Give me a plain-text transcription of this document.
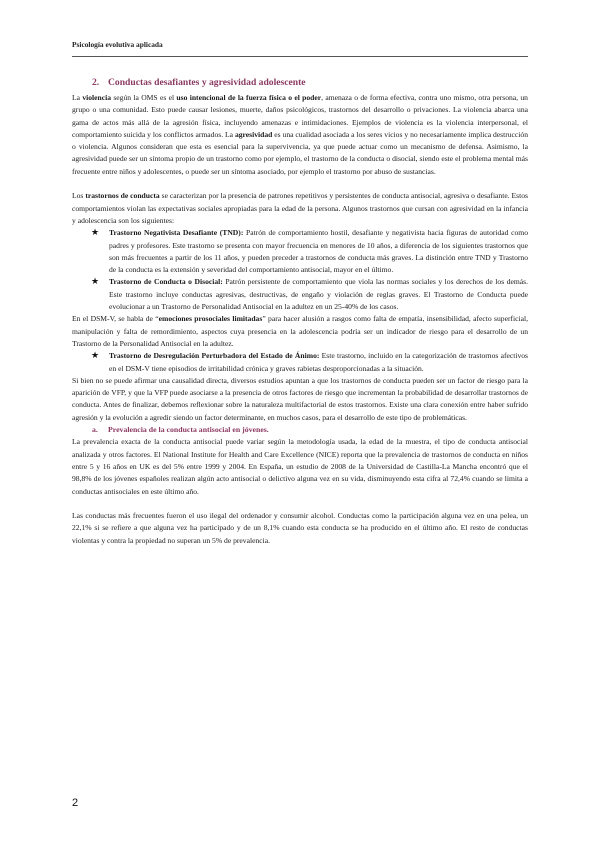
Psicología evolutiva aplicada
2. Conductas desafiantes y agresividad adolescente

La violencia según la OMS es el uso intencional de la fuerza física o el poder, amenaza o de forma efectiva, contra uno mismo, otra persona, un grupo o una comunidad. Esto puede causar lesiones, muerte, daños psicológicos, trastornos del desarrollo o privaciones. La violencia abarca una gama de actos más allá de la agresión física, incluyendo amenazas e intimidaciones. Ejemplos de violencia es la violencia interpersonal, el comportamiento suicida y los conflictos armados. La agresividad es una cualidad asociada a los seres vicios y no necesariamente implica destrucción o violencia. Algunos consideran que esta es esencial para la supervivencia, ya que puede actuar como un mecanismo de defensa. Asimismo, la agresividad puede ser un síntoma propio de un trastorno como por ejemplo, el trastorno de la conducta o disocial, siendo este el problema mental más frecuente entre niños y adolescentes, o puede ser un síntoma asociado, por ejemplo el trastorno por abuso de sustancias.

Los trastornos de conducta se caracterizan por la presencia de patrones repetitivos y persistentes de conducta antisocial, agresiva o desafiante. Estos comportamientos violan las expectativas sociales apropiadas para la edad de la persona. Algunos trastornos que cursan con agresividad en la infancia y adolescencia son los siguientes:

★ Trastorno Negativista Desafiante (TND): Patrón de comportamiento hostil, desafiante y negativista hacia figuras de autoridad como padres y profesores. Este trastorno se presenta con mayor frecuencia en menores de 10 años, a diferencia de los siguientes trastornos que son más frecuentes a partir de los 11 años, y pueden preceder a trastornos de conducta más graves. La distinción entre TND y Trastorno de la conducta es la extensión y severidad del comportamiento antisocial, mayor en el último.
★ Trastorno de Conducta o Disocial: Patrón persistente de comportamiento que viola las normas sociales y los derechos de los demás. Este trastorno incluye conductas agresivas, destructivas, de engaño y violación de reglas graves. El Trastorno de Conducta puede evolucionar a un Trastorno de Personalidad Antisocial en la adultez en un 25-40% de los casos.

En el DSM-V, se habla de “emociones prosociales limitadas” para hacer alusión a rasgos como falta de empatía, insensibilidad, afecto superficial, manipulación y falta de remordimiento, aspectos cuya presencia en la adolescencia podría ser un indicador de riesgo para el desarrollo de un Trastorno de la Personalidad Antisocial en la adultez.

★ Trastorno de Desregulación Perturbadora del Estado de Ánimo: Este trastorno, incluido en la categorización de trastornos afectivos en el DSM-V tiene episodios de irritabilidad crónica y graves rabietas desproporcionadas a la situación.

Si bien no se puede afirmar una causalidad directa, diversos estudios apuntan a que los trastornos de conducta pueden ser un factor de riesgo para la aparición de VFP, y que la VFP puede asociarse a la presencia de otros factores de riesgo que incrementan la probabilidad de desarrollar trastornos de conducta. Antes de finalizar, debemos reflexionar sobre la naturaleza multifactorial de estos trastornos. Existe una clara conexión entre haber sufrido agresión y la evolución a agredir siendo un factor determinante, en muchos casos, para el desarrollo de este tipo de problemáticas.

a. Prevalencia de la conducta antisocial en jóvenes.

La prevalencia exacta de la conducta antisocial puede variar según la metodología usada, la edad de la muestra, el tipo de conducta antisocial analizada y otros factores. El National Institute for Health and Care Excellence (NICE) reporta que la prevalencia de trastornos de conducta en niños entre 5 y 16 años en UK es del 5% entre 1999 y 2004. En España, un estudio de 2008 de la Universidad de Castilla-La Mancha encontró que el 98,8% de los jóvenes españoles realizan algún acto antisocial o delictivo alguna vez en su vida, disminuyendo esta cifra al 72,4% cuando se limita a conductas antisociales en este último año.

Las conductas más frecuentes fueron el uso ilegal del ordenador y consumir alcohol. Conductas como la participación alguna vez en una pelea, un 22,1% si se refiere a que alguna vez ha participado y de un 8,1% cuando esta conducta se ha producido en el último año. El resto de conductas violentas y contra la propiedad no superan un 5% de prevalencia.

2
